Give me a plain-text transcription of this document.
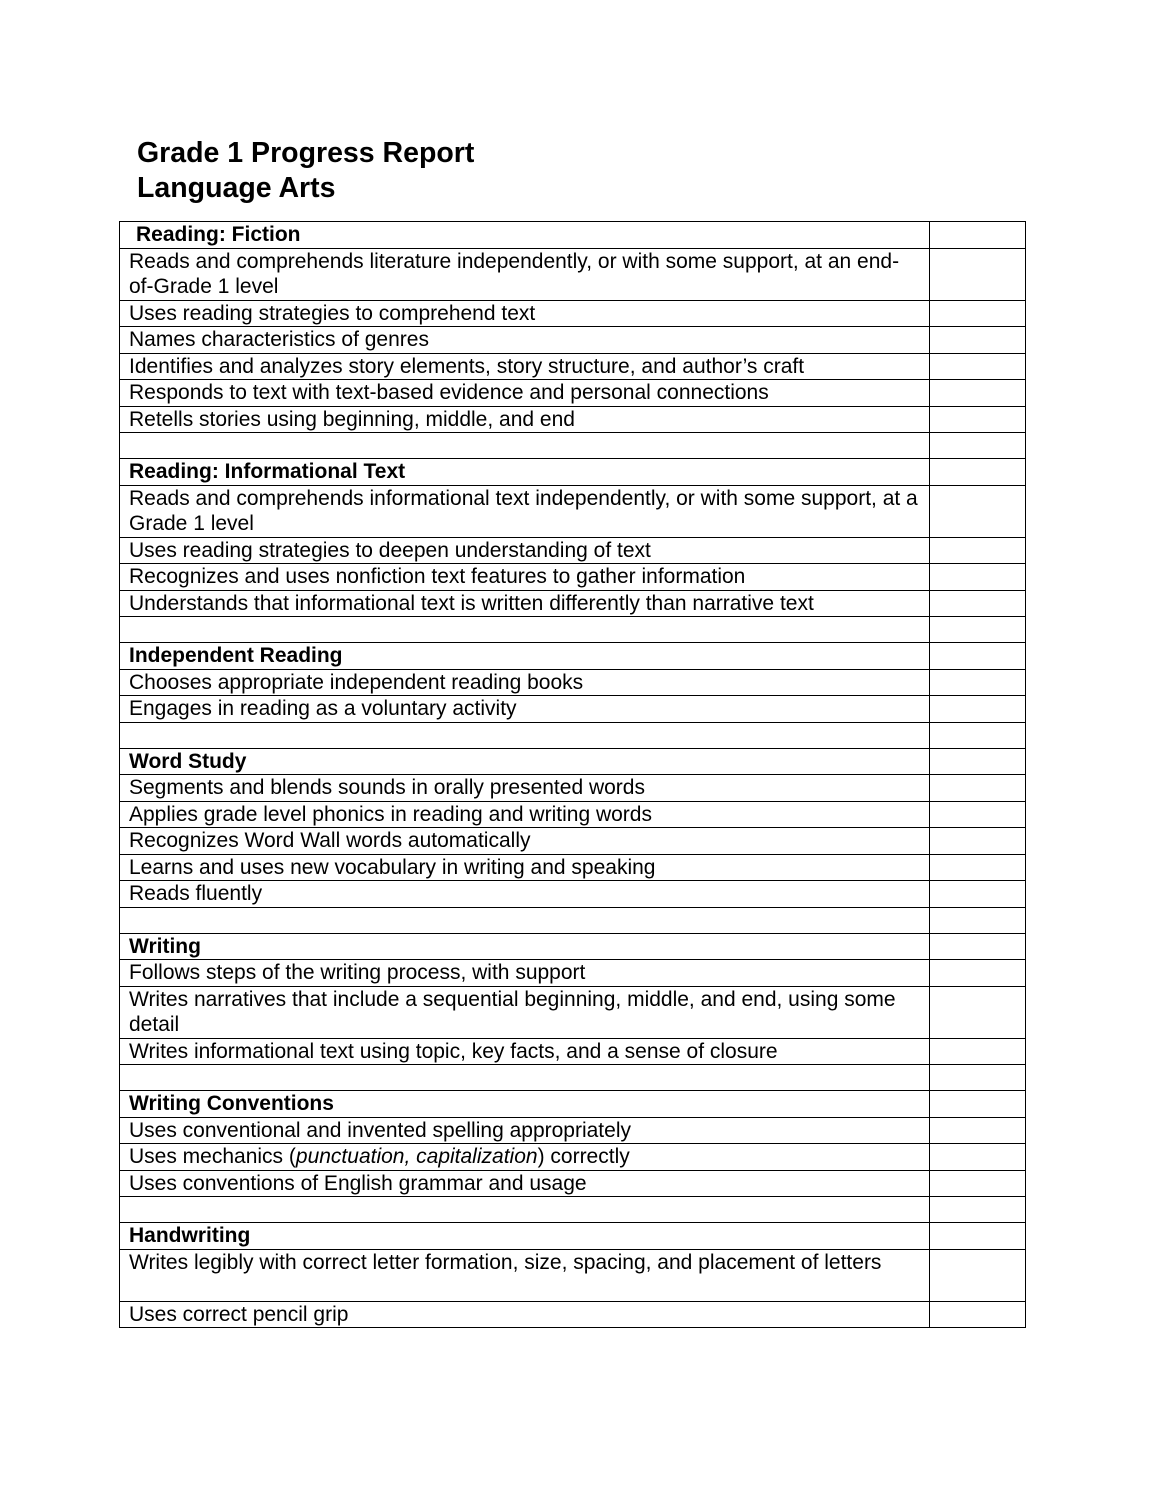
Grade 1 Progress Report
Language Arts
Reading: Fiction	
Reads and comprehends literature independently, or with some support, at an end-of-Grade 1 level	
Uses reading strategies to comprehend text	
Names characteristics of genres	
Identifies and analyzes story elements, story structure, and author’s craft	
Responds to text with text-based evidence and personal connections	
Retells stories using beginning, middle, and end	

Reading: Informational Text	
Reads and comprehends informational text independently, or with some support, at a Grade 1 level	
Uses reading strategies to deepen understanding of text	
Recognizes and uses nonfiction text features to gather information	
Understands that informational text is written differently than narrative text	

Independent Reading	
Chooses appropriate independent reading books	
Engages in reading as a voluntary activity	

Word Study	
Segments and blends sounds in orally presented words	
Applies grade level phonics in reading and writing words	
Recognizes Word Wall words automatically	
Learns and uses new vocabulary in writing and speaking	
Reads fluently	

Writing	
Follows steps of the writing process, with support	
Writes narratives that include a sequential beginning, middle, and end, using some detail	
Writes informational text using topic, key facts, and a sense of closure	

Writing Conventions	
Uses conventional and invented spelling appropriately	
Uses mechanics (punctuation, capitalization) correctly	
Uses conventions of English grammar and usage	

Handwriting	
Writes legibly with correct letter formation, size, spacing, and placement of letters	
Uses correct pencil grip	
